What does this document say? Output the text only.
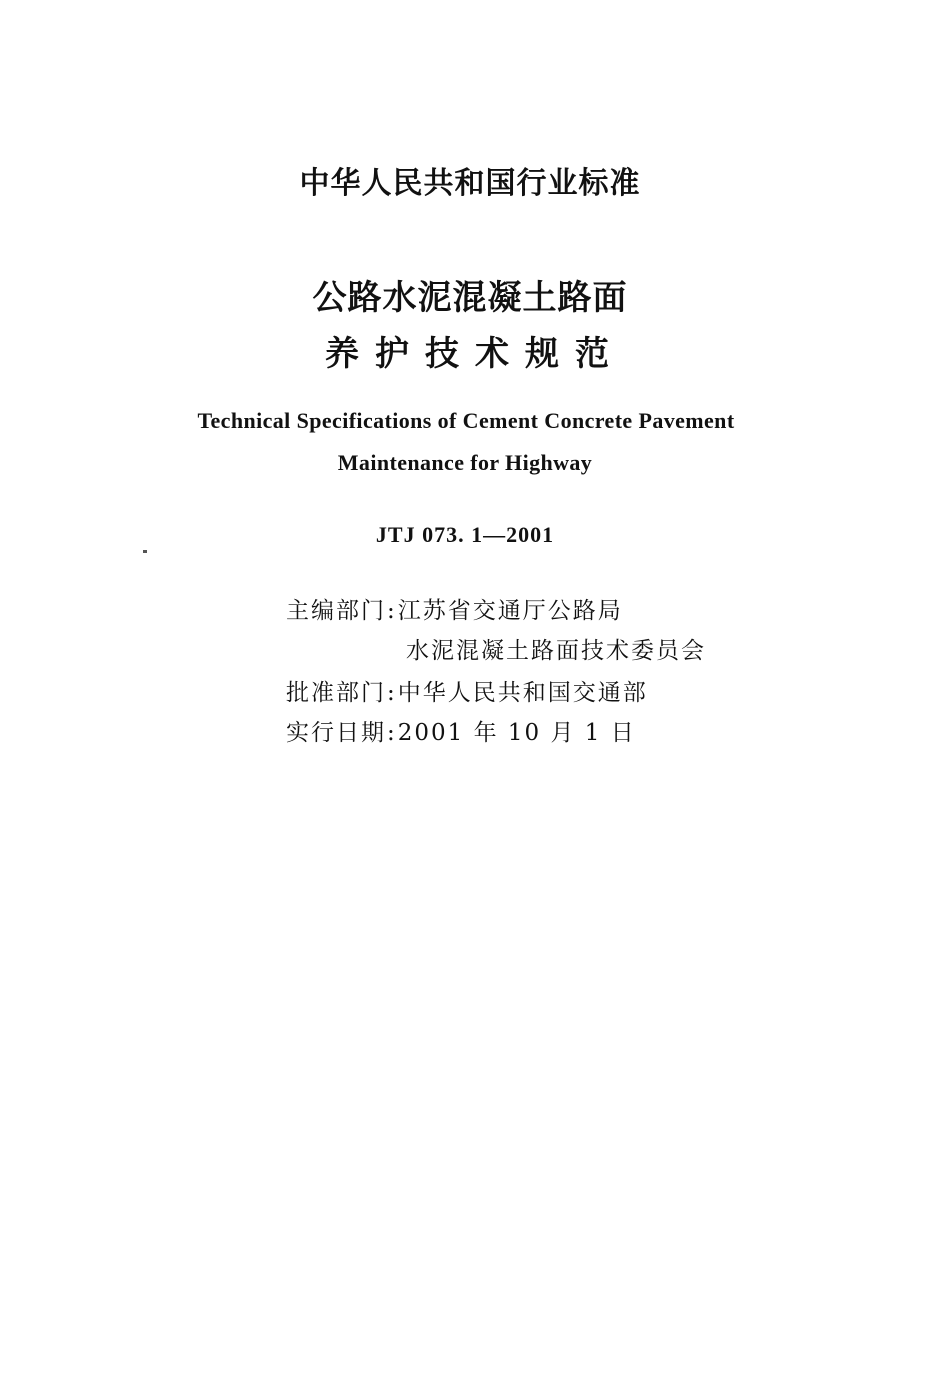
中华人民共和国行业标准
公路水泥混凝土路面
养护技术规范
Technical Specifications of Cement Concrete Pavement
Maintenance for Highway
JTJ 073. 1—2001
主编部门:江苏省交通厅公路局
水泥混凝土路面技术委员会
批准部门:中华人民共和国交通部
实行日期:2001 年 10 月 1 日
